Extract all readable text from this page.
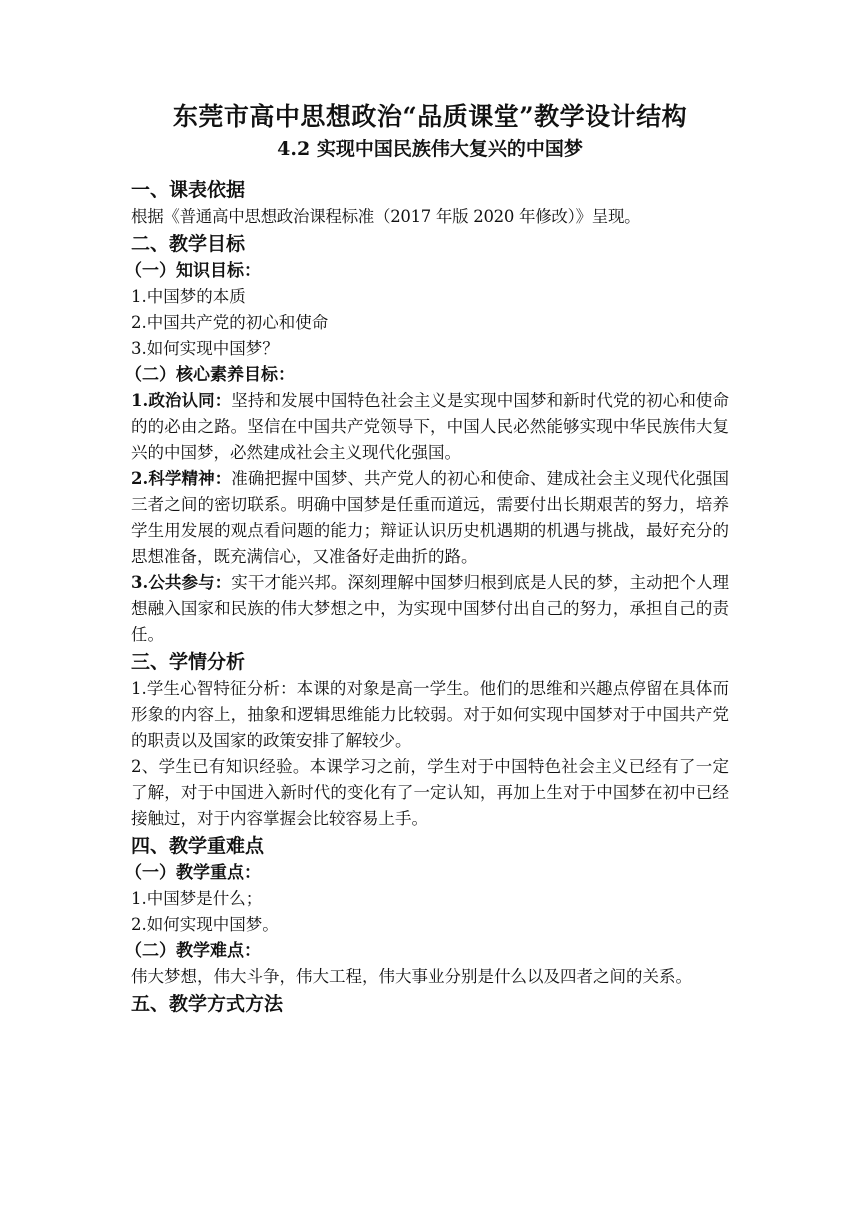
东莞市高中思想政治“品质课堂”教学设计结构
4.2 实现中国民族伟大复兴的中国梦
一、课表依据
根据《普通高中思想政治课程标准（2017 年版 2020 年修改）》呈现。
二、教学目标
（一）知识目标：
1.中国梦的本质
2.中国共产党的初心和使命
3.如何实现中国梦？
（二）核心素养目标：
1.政治认同：坚持和发展中国特色社会主义是实现中国梦和新时代党的初心和使命的的必由之路。坚信在中国共产党领导下，中国人民必然能够实现中华民族伟大复兴的中国梦，必然建成社会主义现代化强国。
2.科学精神：准确把握中国梦、共产党人的初心和使命、建成社会主义现代化强国三者之间的密切联系。明确中国梦是任重而道远，需要付出长期艰苦的努力，培养学生用发展的观点看问题的能力；辩证认识历史机遇期的机遇与挑战，最好充分的思想准备，既充满信心，又准备好走曲折的路。
3.公共参与：实干才能兴邦。深刻理解中国梦归根到底是人民的梦，主动把个人理想融入国家和民族的伟大梦想之中，为实现中国梦付出自己的努力，承担自己的责任。
三、学情分析
1.学生心智特征分析：本课的对象是高一学生。他们的思维和兴趣点停留在具体而形象的内容上，抽象和逻辑思维能力比较弱。对于如何实现中国梦对于中国共产党的职责以及国家的政策安排了解较少。
2、学生已有知识经验。本课学习之前，学生对于中国特色社会主义已经有了一定了解，对于中国进入新时代的变化有了一定认知，再加上生对于中国梦在初中已经接触过，对于内容掌握会比较容易上手。
四、教学重难点
（一）教学重点：
1.中国梦是什么；
2.如何实现中国梦。
（二）教学难点：
伟大梦想，伟大斗争，伟大工程，伟大事业分别是什么以及四者之间的关系。
五、教学方式方法
